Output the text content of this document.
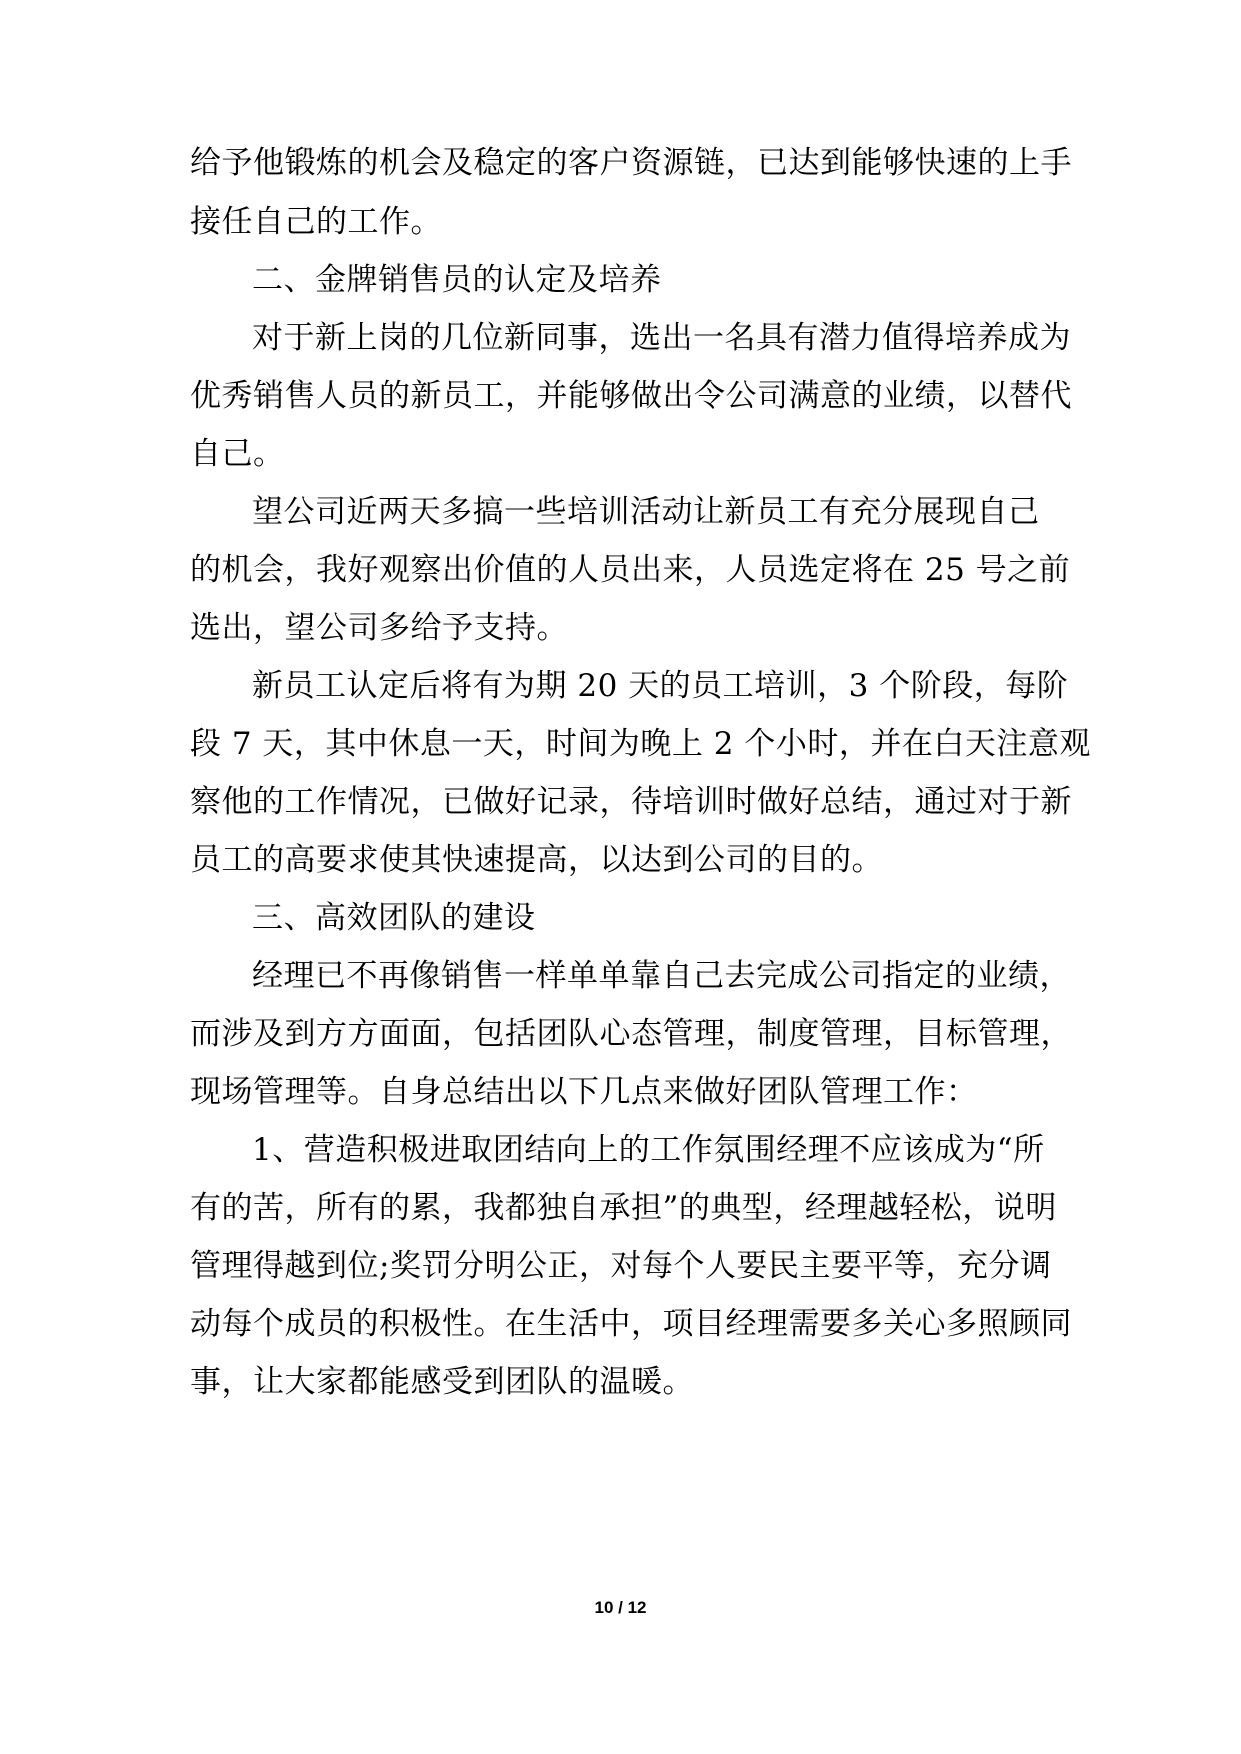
给予他锻炼的机会及稳定的客户资源链，已达到能够快速的上手
接任自己的工作。
二、金牌销售员的认定及培养
对于新上岗的几位新同事，选出一名具有潜力值得培养成为
优秀销售人员的新员工，并能够做出令公司满意的业绩，以替代
自己。
望公司近两天多搞一些培训活动让新员工有充分展现自己
的机会，我好观察出价值的人员出来，人员选定将在 25 号之前
选出，望公司多给予支持。
新员工认定后将有为期 20 天的员工培训，3 个阶段，每阶
段 7 天，其中休息一天，时间为晚上 2 个小时，并在白天注意观
察他的工作情况，已做好记录，待培训时做好总结，通过对于新
员工的高要求使其快速提高，以达到公司的目的。
三、高效团队的建设
经理已不再像销售一样单单靠自己去完成公司指定的业绩，
而涉及到方方面面，包括团队心态管理，制度管理，目标管理，
现场管理等。自身总结出以下几点来做好团队管理工作：
1、营造积极进取团结向上的工作氛围经理不应该成为“所
有的苦，所有的累，我都独自承担”的典型，经理越轻松，说明
管理得越到位;奖罚分明公正，对每个人要民主要平等，充分调
动每个成员的积极性。在生活中，项目经理需要多关心多照顾同
事，让大家都能感受到团队的温暖。
10 / 12
